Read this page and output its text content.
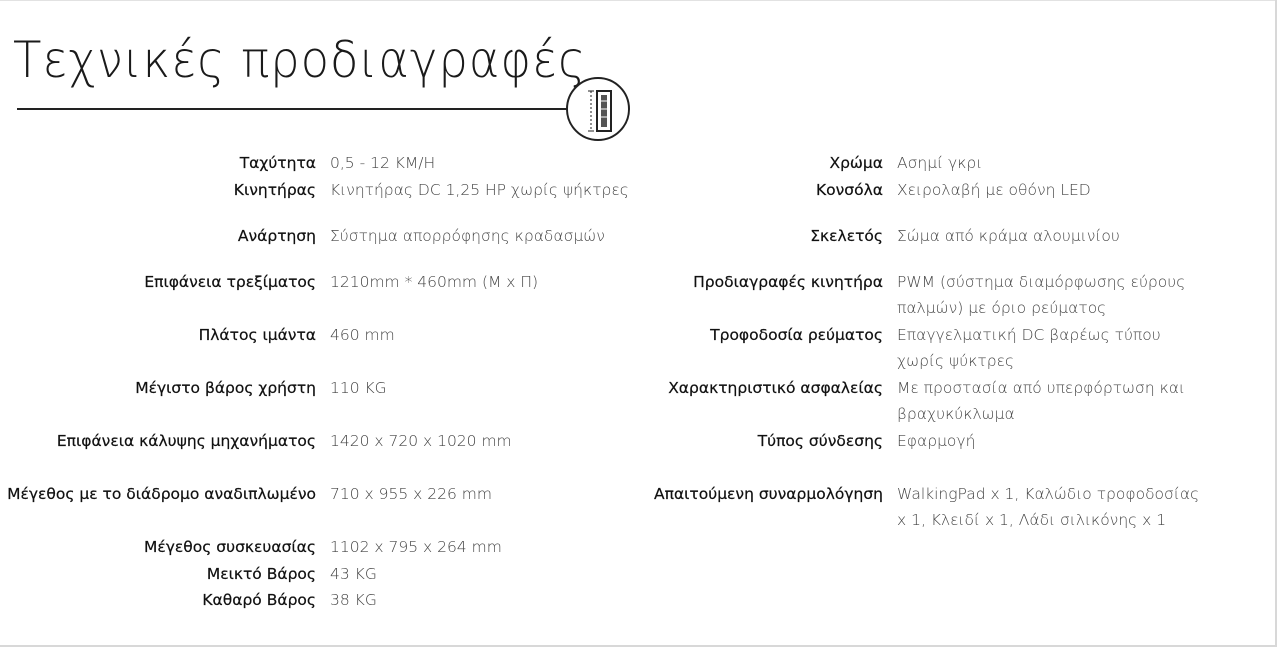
Τεχνικές προδιαγραφές
Ταχύτητα 0,5 - 12 KM/H
Κινητήρας Κινητήρας DC 1,25 HP χωρίς ψήκτρες
Ανάρτηση Σύστημα απορρόφησης κραδασμών
Επιφάνεια τρεξίματος 1210mm * 460mm (Μ x Π)
Πλάτος ιμάντα 460 mm
Μέγιστο βάρος χρήστη 110 KG
Επιφάνεια κάλυψης μηχανήματος 1420 x 720 x 1020 mm
Μέγεθος με το διάδρομο αναδιπλωμένο 710 x 955 x 226 mm
Μέγεθος συσκευασίας 1102 x 795 x 264 mm
Μεικτό Βάρος 43 KG
Καθαρό Βάρος 38 KG
Χρώμα Ασημί γκρι
Κονσόλα Χειρολαβή με οθόνη LED
Σκελετός Σώμα από κράμα αλουμινίου
Προδιαγραφές κινητήρα PWM (σύστημα διαμόρφωσης εύρους παλμών) με όριο ρεύματος
Τροφοδοσία ρεύματος Επαγγελματική DC βαρέως τύπου χωρίς ψύκτρες
Χαρακτηριστικό ασφαλείας Με προστασία από υπερφόρτωση και βραχυκύκλωμα
Τύπος σύνδεσης Εφαρμογή
Απαιτούμενη συναρμολόγηση WalkingPad x 1, Καλώδιο τροφοδοσίας x 1, Κλειδί x 1, Λάδι σιλικόνης x 1
